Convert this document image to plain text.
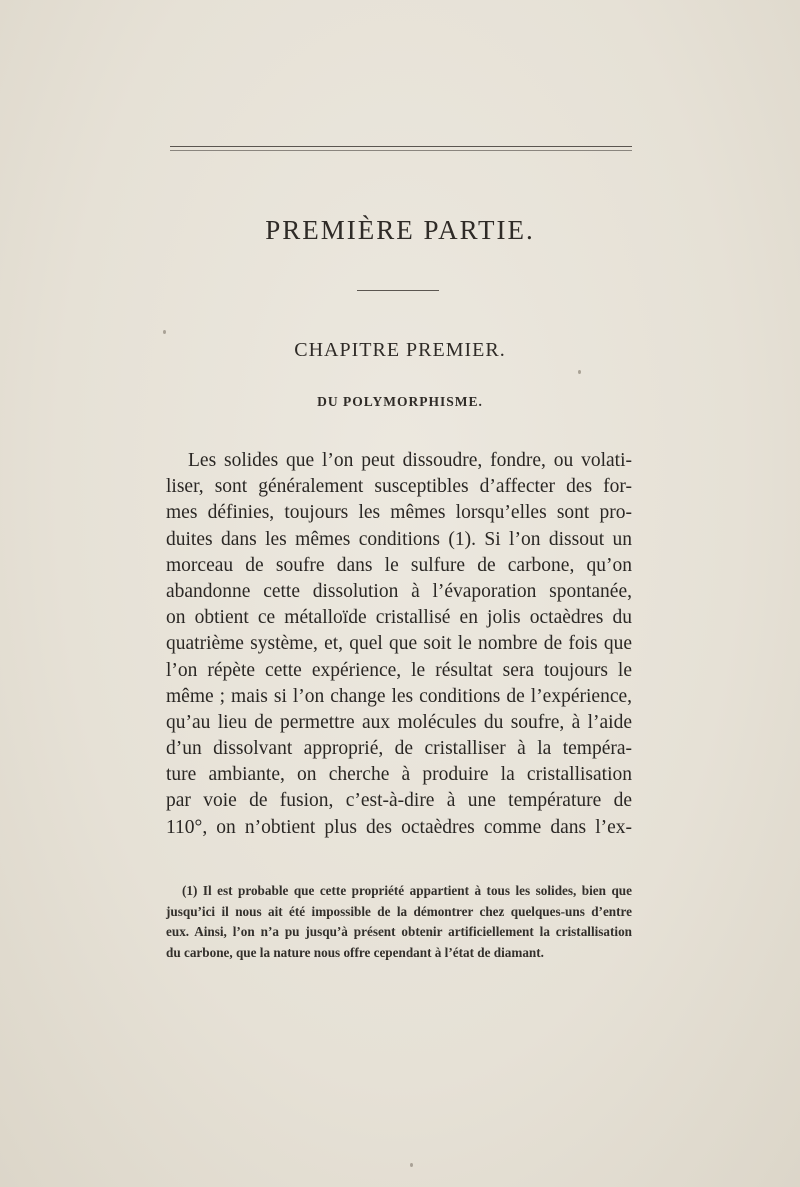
PREMIÈRE PARTIE.
CHAPITRE PREMIER.
DU POLYMORPHISME.
Les solides que l’on peut dissoudre, fondre, ou volati-
liser, sont généralement susceptibles d’affecter des for-
mes définies, toujours les mêmes lorsqu’elles sont pro-
duites dans les mêmes conditions (1). Si l’on dissout un
morceau de soufre dans le sulfure de carbone, qu’on
abandonne cette dissolution à l’évaporation spontanée,
on obtient ce métalloïde cristallisé en jolis octaèdres du
quatrième système, et, quel que soit le nombre de fois que
l’on répète cette expérience, le résultat sera toujours le
même ; mais si l’on change les conditions de l’expérience,
qu’au lieu de permettre aux molécules du soufre, à l’aide
d’un dissolvant approprié, de cristalliser à la tempéra-
ture ambiante, on cherche à produire la cristallisation
par voie de fusion, c’est-à-dire à une température de
110°, on n’obtient plus des octaèdres comme dans l’ex-
(1) Il est probable que cette propriété appartient à tous les solides, bien que
jusqu’ici il nous ait été impossible de la démontrer chez quelques-uns d’entre
eux. Ainsi, l’on n’a pu jusqu’à présent obtenir artificiellement la cristallisation
du carbone, que la nature nous offre cependant à l’état de diamant.
